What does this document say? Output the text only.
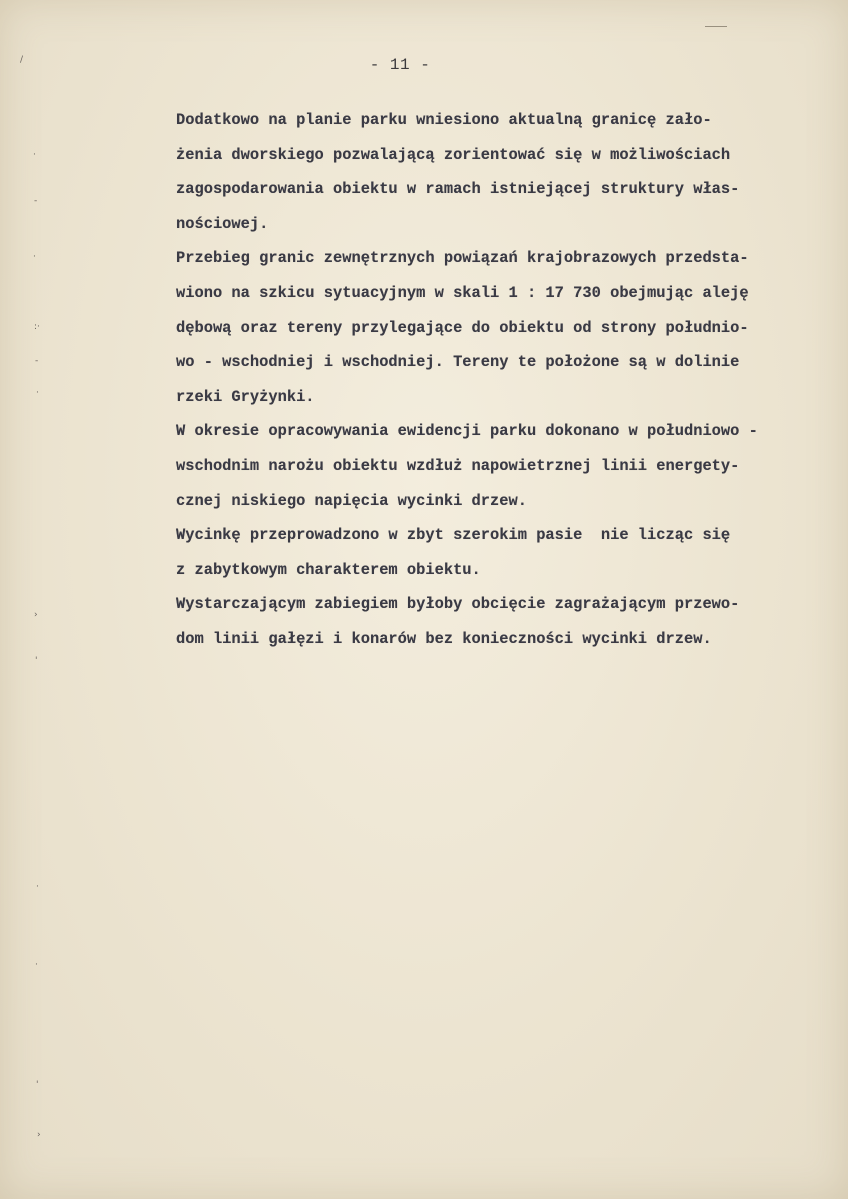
/
·
-
·
:·
-
·
›
'
·
·
'
›
- 11 -
Dodatkowo na planie parku wniesiono aktualną granicę zało-
żenia dworskiego pozwalającą zorientować się w możliwościach
zagospodarowania obiektu w ramach istniejącej struktury włas-
nościowej.
Przebieg granic zewnętrznych powiązań krajobrazowych przedsta-
wiono na szkicu sytuacyjnym w skali 1 : 17 730 obejmując aleję
dębową oraz tereny przylegające do obiektu od strony południo-
wo - wschodniej i wschodniej. Tereny te położone są w dolinie
rzeki Gryżynki.
W okresie opracowywania ewidencji parku dokonano w południowo -
wschodnim narożu obiektu wzdłuż napowietrznej linii energety-
cznej niskiego napięcia wycinki drzew.
Wycinkę przeprowadzono w zbyt szerokim pasie  nie licząc się
z zabytkowym charakterem obiektu.
Wystarczającym zabiegiem byłoby obcięcie zagrażającym przewo-
dom linii gałęzi i konarów bez konieczności wycinki drzew.
